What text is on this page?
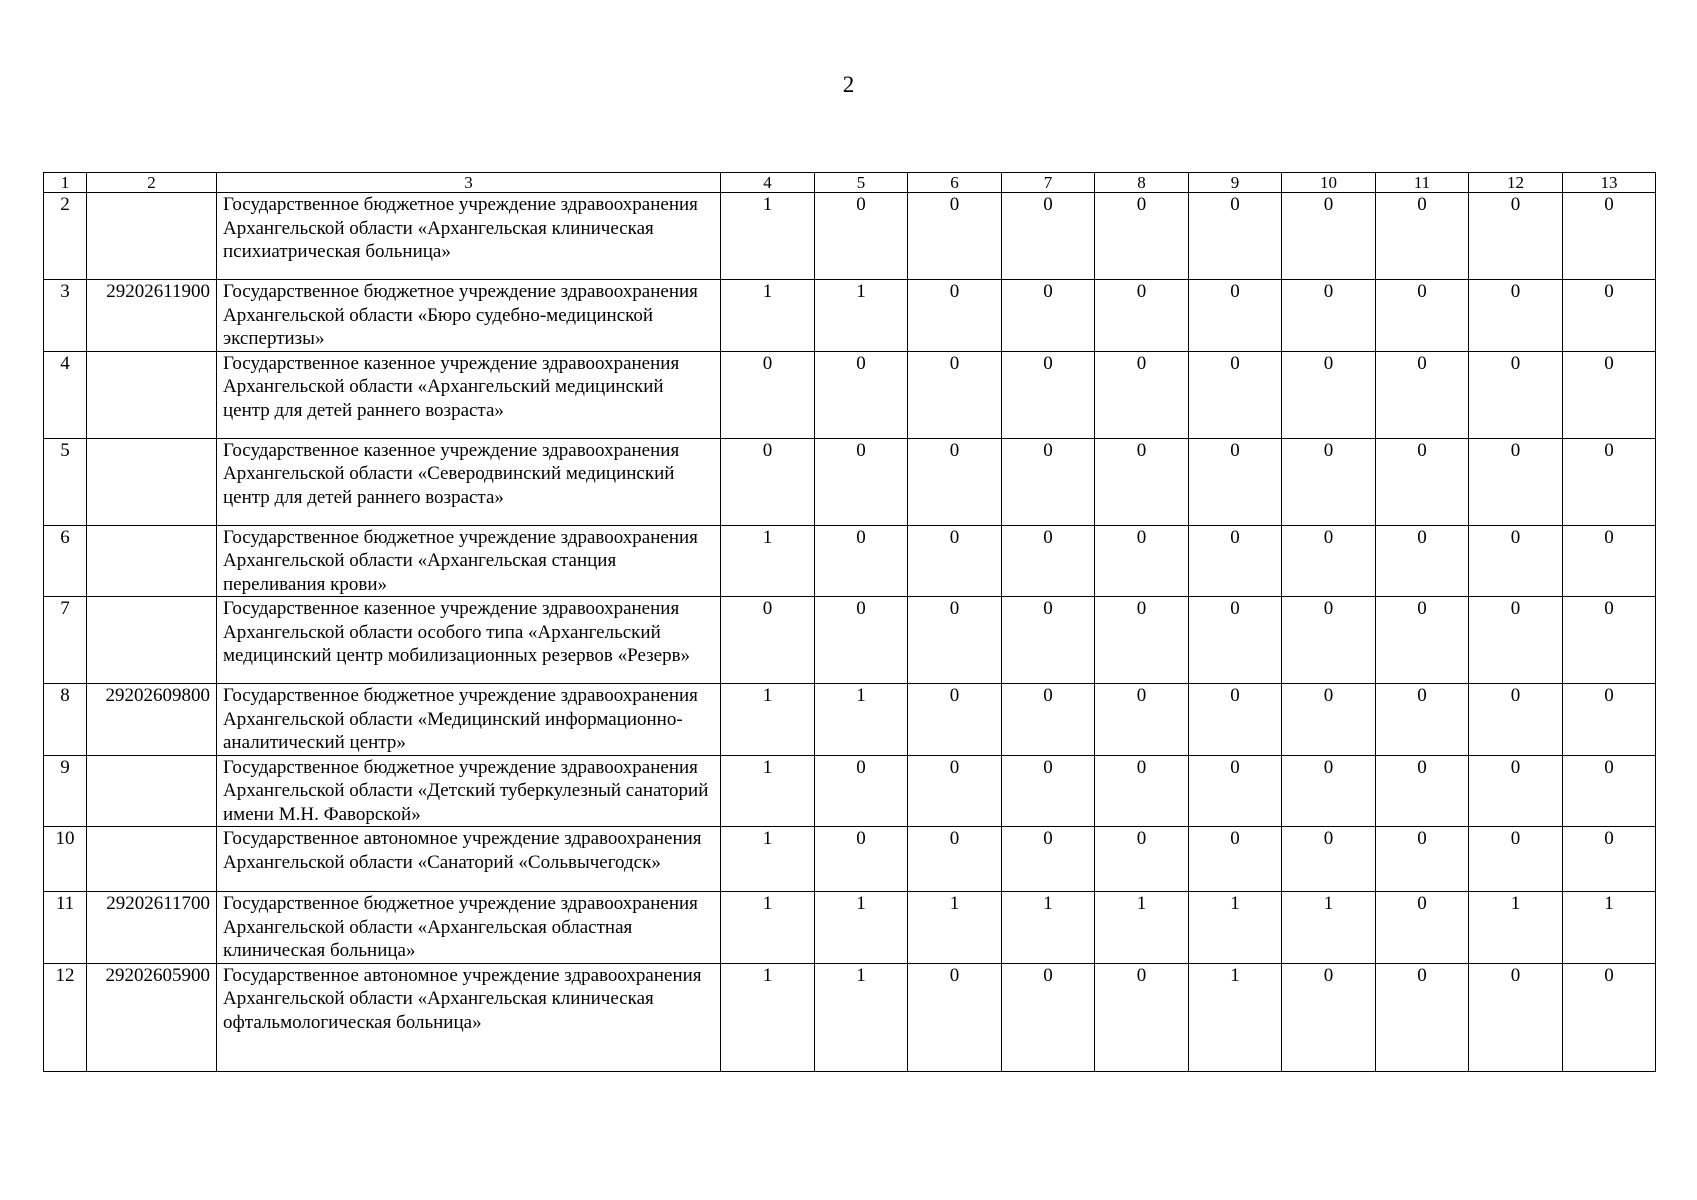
2
1	2	3	4	5	6	7	8	9	10	11	12	13
2		Государственное бюджетное учреждение здравоохранения Архангельской области «Архангельская клиническая психиатрическая больница»	1	0	0	0	0	0	0	0	0	0
3	29202611900	Государственное бюджетное учреждение здравоохранения Архангельской области «Бюро судебно-медицинской экспертизы»	1	1	0	0	0	0	0	0	0	0
4		Государственное казенное учреждение здравоохранения Архангельской области «Архангельский медицинский центр для детей раннего возраста»	0	0	0	0	0	0	0	0	0	0
5		Государственное казенное учреждение здравоохранения Архангельской области «Северодвинский медицинский центр для детей раннего возраста»	0	0	0	0	0	0	0	0	0	0
6		Государственное бюджетное учреждение здравоохранения Архангельской области «Архангельская станция переливания крови»	1	0	0	0	0	0	0	0	0	0
7		Государственное казенное учреждение здравоохранения Архангельской области особого типа «Архангельский медицинский центр мобилизационных резервов «Резерв»	0	0	0	0	0	0	0	0	0	0
8	29202609800	Государственное бюджетное учреждение здравоохранения Архангельской области «Медицинский информационно-аналитический центр»	1	1	0	0	0	0	0	0	0	0
9		Государственное бюджетное учреждение здравоохранения Архангельской области «Детский туберкулезный санаторий имени М.Н. Фаворской»	1	0	0	0	0	0	0	0	0	0
10		Государственное автономное учреждение здравоохранения Архангельской области «Санаторий «Сольвычегодск»	1	0	0	0	0	0	0	0	0	0
11	29202611700	Государственное бюджетное учреждение здравоохранения Архангельской области «Архангельская областная клиническая больница»	1	1	1	1	1	1	1	0	1	1
12	29202605900	Государственное автономное учреждение здравоохранения Архангельской области «Архангельская клиническая офтальмологическая больница»	1	1	0	0	0	1	0	0	0	0
